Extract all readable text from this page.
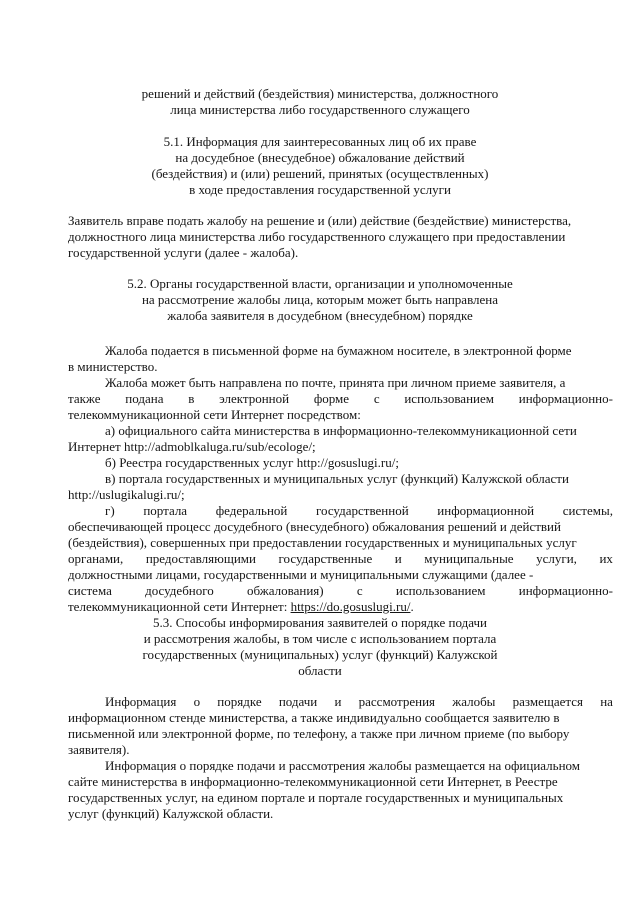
решений и действий (бездействия) министерства, должностного
лица министерства либо государственного служащего
5.1. Информация для заинтересованных лиц об их праве
на досудебное (внесудебное) обжалование действий
(бездействия) и (или) решений, принятых (осуществленных)
в ходе предоставления государственной услуги
Заявитель вправе подать жалобу на решение и (или) действие (бездействие) министерства,
должностного лица министерства либо государственного служащего при предоставлении
государственной услуги (далее - жалоба).
5.2. Органы государственной власти, организации и уполномоченные
на рассмотрение жалобы лица, которым может быть направлена
жалоба заявителя в досудебном (внесудебном) порядке
Жалоба подается в письменной форме на бумажном носителе, в электронной форме
в министерство.
Жалоба может быть направлена по почте, принята при личном приеме заявителя, а
также подана в электронной форме с использованием информационно-
телекоммуникационной сети Интернет посредством:
а) официального сайта министерства в информационно-телекоммуникационной сети
Интернет http://admoblkaluga.ru/sub/ecologe/;
б) Реестра государственных услуг http://gosuslugi.ru/;
в) портала государственных и муниципальных услуг (функций) Калужской области
http://uslugikalugi.ru/;
г) портала федеральной государственной информационной системы,
обеспечивающей процесс досудебного (внесудебного) обжалования решений и действий
(бездействия), совершенных при предоставлении государственных и муниципальных услуг
органами, предоставляющими государственные и муниципальные услуги, их
должностными лицами, государственными и муниципальными служащими (далее -
система	досудебного	обжалования)	с	использованием	информационно-
телекоммуникационной сети Интернет: https://do.gosuslugi.ru/.
5.3. Способы информирования заявителей о порядке подачи
и рассмотрения жалобы, в том числе с использованием портала
государственных (муниципальных) услуг (функций) Калужской
области
Информация о порядке подачи и рассмотрения жалобы размещается на
информационном стенде министерства, а также индивидуально сообщается заявителю в
письменной или электронной форме, по телефону, а также при личном приеме (по выбору
заявителя).
Информация о порядке подачи и рассмотрения жалобы размещается на официальном
сайте министерства в информационно-телекоммуникационной сети Интернет, в Реестре
государственных услуг, на едином портале и портале государственных и муниципальных
услуг (функций) Калужской области.
